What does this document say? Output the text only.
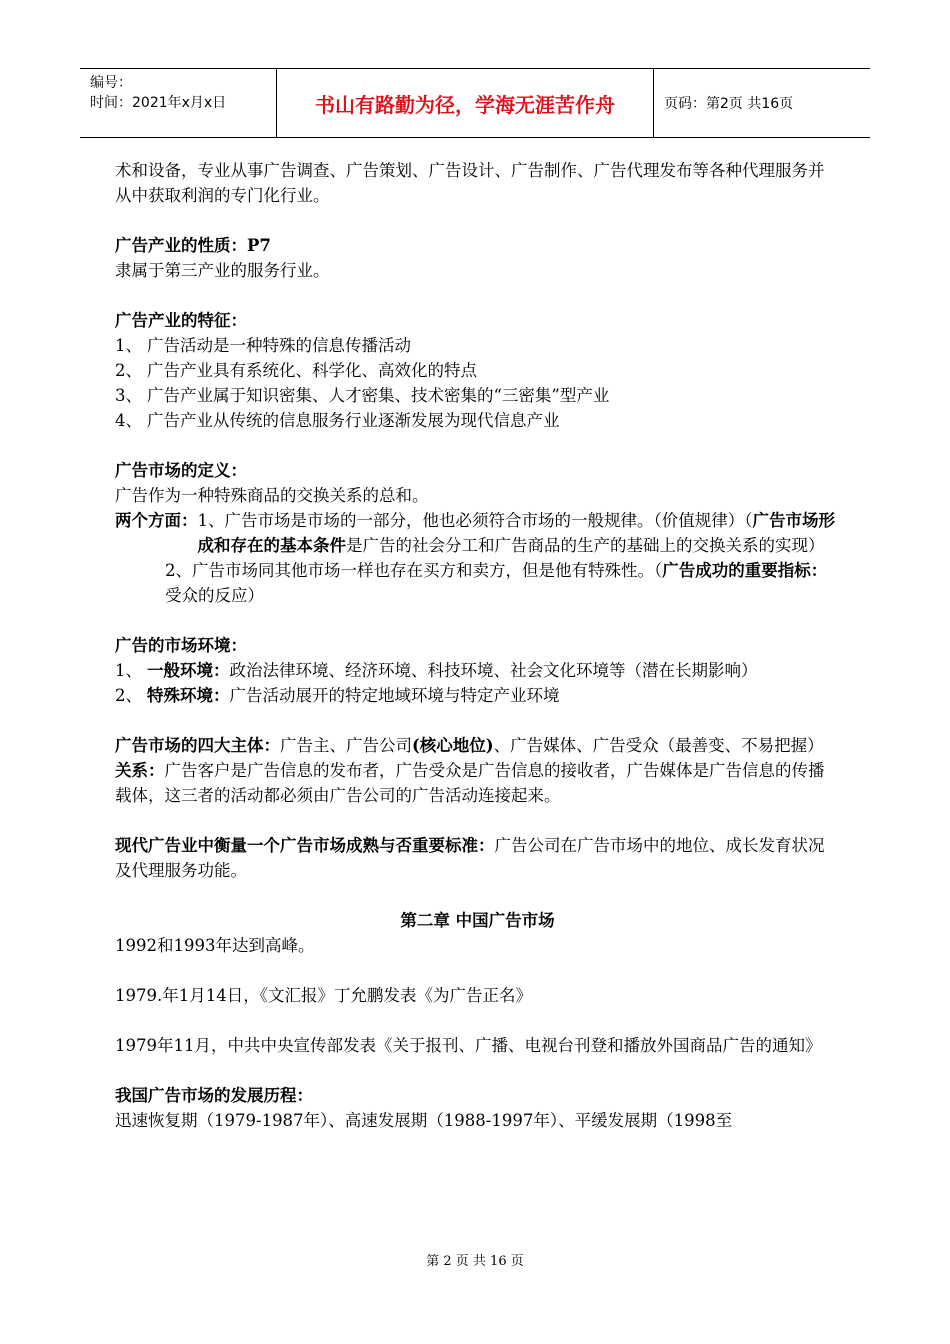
编号：
时间：2021年x月x日	书山有路勤为径，学海无涯苦作舟	页码：第2页 共16页

术和设备，专业从事广告调查、广告策划、广告设计、广告制作、广告代理发布等各种代理服务并从中获取利润的专门化行业。

广告产业的性质：P7

隶属于第三产业的服务行业。

广告产业的特征：

1、 广告活动是一种特殊的信息传播活动
2、 广告产业具有系统化、科学化、高效化的特点
3、 广告产业属于知识密集、人才密集、技术密集的“三密集”型产业
4、 广告产业从传统的信息服务行业逐渐发展为现代信息产业

广告市场的定义：

广告作为一种特殊商品的交换关系的总和。

两个方面： 1、广告市场是市场的一部分，他也必须符合市场的一般规律。（价值规律）（广告市场形成和存在的基本条件是广告的社会分工和广告商品的生产的基础上的交换关系的实现）

2、广告市场同其他市场一样也存在买方和卖方，但是他有特殊性。（广告成功的重要指标：受众的反应）

广告的市场环境：

1、 一般环境：政治法律环境、经济环境、科技环境、社会文化环境等（潜在长期影响）
2、 特殊环境：广告活动展开的特定地域环境与特定产业环境

广告市场的四大主体：广告主、广告公司(核心地位)、广告媒体、广告受众（最善变、不易把握）

关系：广告客户是广告信息的发布者，广告受众是广告信息的接收者，广告媒体是广告信息的传播载体，这三者的活动都必须由广告公司的广告活动连接起来。

现代广告业中衡量一个广告市场成熟与否重要标准：广告公司在广告市场中的地位、成长发育状况及代理服务功能。

第二章 中国广告市场

1992和1993年达到高峰。

1979.年1月14日，《文汇报》丁允鹏发表《为广告正名》

1979年11月，中共中央宣传部发表《关于报刊、广播、电视台刊登和播放外国商品广告的通知》

我国广告市场的发展历程：

迅速恢复期（1979-1987年）、高速发展期（1988-1997年）、平缓发展期（1998至

第 2 页 共 16 页
